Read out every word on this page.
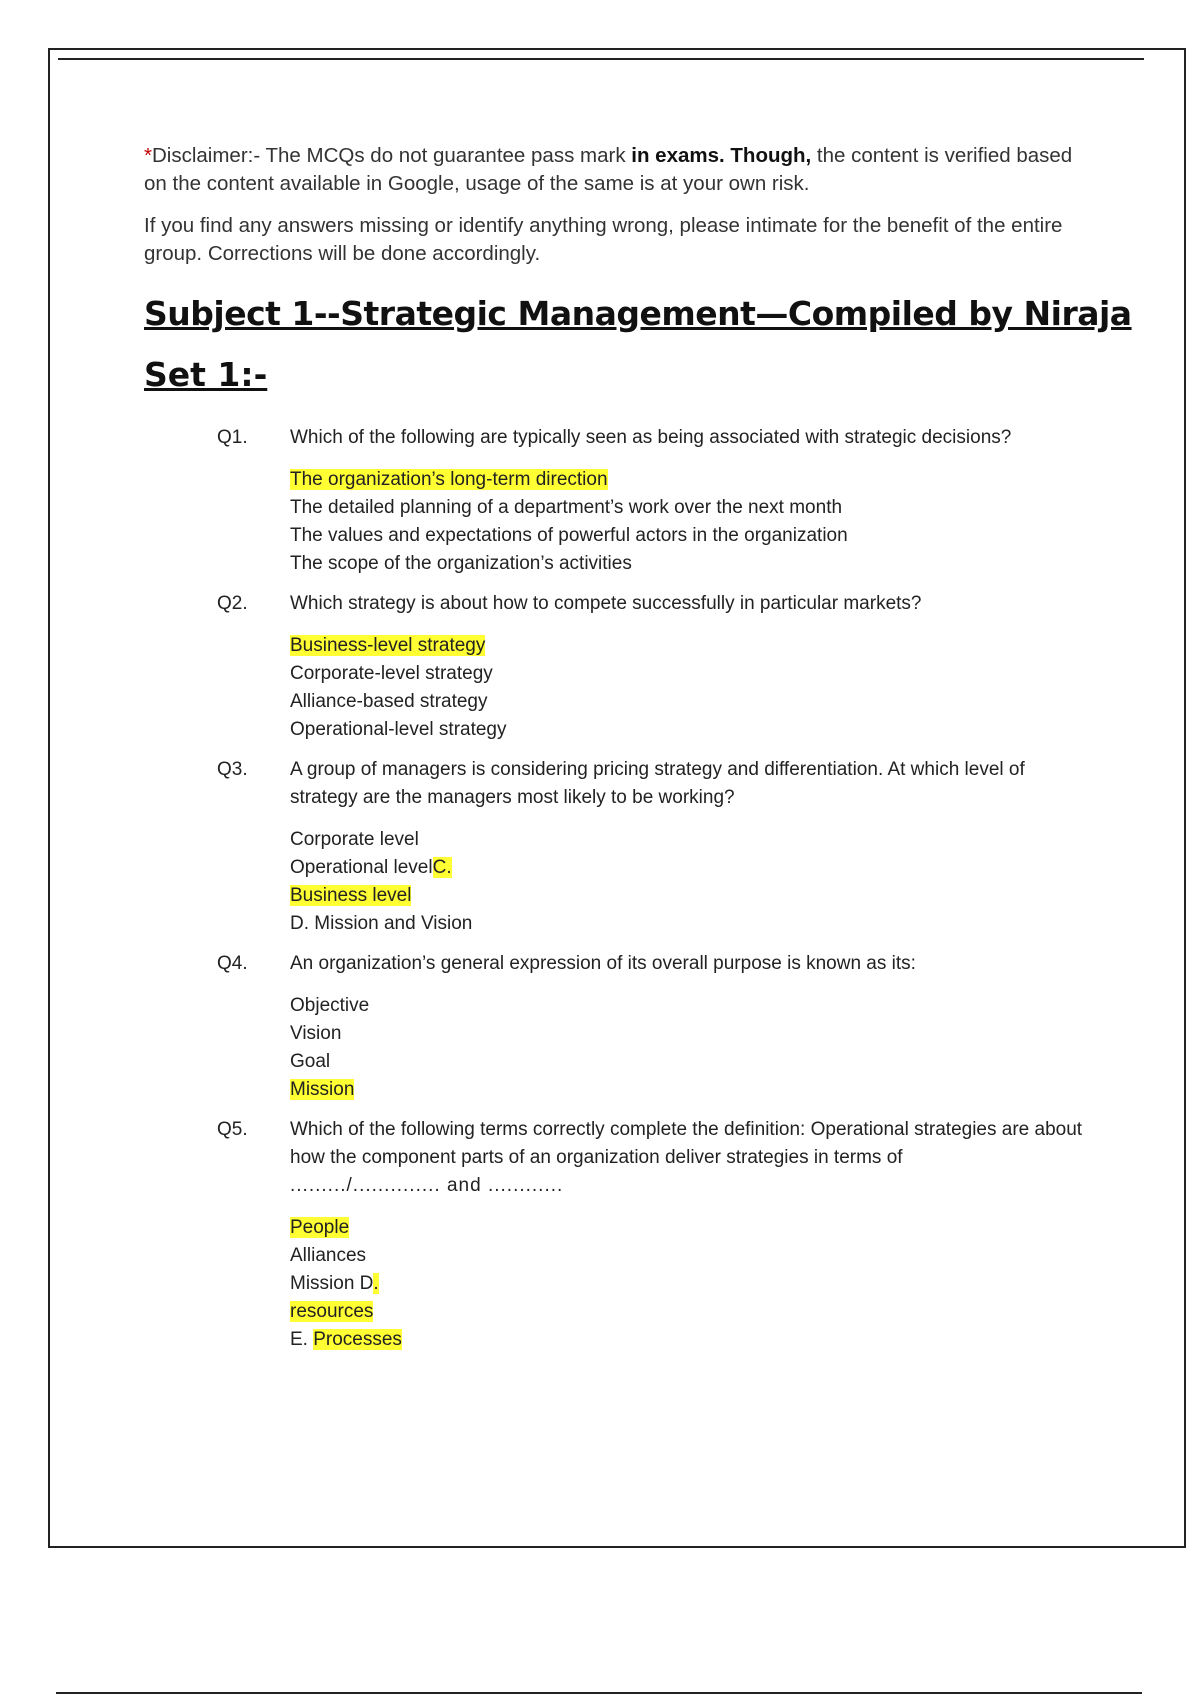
*Disclaimer:- The MCQs do not guarantee pass mark in exams. Though, the content is verified based on the content available in Google, usage of the same is at your own risk.

If you find any answers missing or identify anything wrong, please intimate for the benefit of the entire group. Corrections will be done accordingly.

Subject 1--Strategic Management—Compiled by Niraja
Set 1:-
Q1. Which of the following are typically seen as being associated with strategic decisions?
The organization’s long-term direction
The detailed planning of a department’s work over the next month
The values and expectations of powerful actors in the organization
The scope of the organization’s activities
Q2. Which strategy is about how to compete successfully in particular markets?
Business-level strategy
Corporate-level strategy
Alliance-based strategy
Operational-level strategy
Q3. A group of managers is considering pricing strategy and differentiation. At which level of strategy are the managers most likely to be working?
Corporate level
Operational levelC.
Business level
D. Mission and Vision
Q4. An organization’s general expression of its overall purpose is known as its:
Objective
Vision
Goal
Mission
Q5. Which of the following terms correctly complete the definition: Operational strategies are about how the component parts of an organization deliver strategies in terms of
........./.............. and ............
People
Alliances
Mission D.
resources
E. Processes
